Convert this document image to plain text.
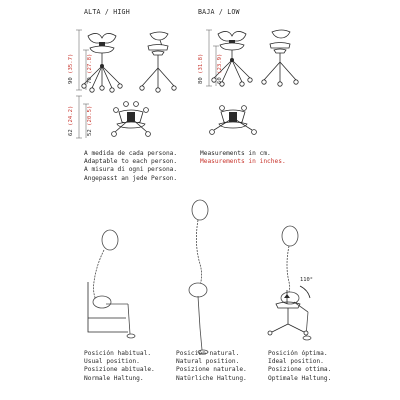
ALTA / HIGH	BAJA / LOW
90 (35.7)
70 (27.8)
62 (24.2)
52 (20.5)
80 (31.8)
60 (23.9)
A medida de cada persona.
Adaptable to each person.
A misura di ogni persona.
Angepasst an jede Person.
Measurements in cm.
Measurements in inches.
110°
Posición habitual.
Usual position.
Posizione abituale.
Normale Haltung.
Posición natural.
Natural position.
Posizione naturale.
Natürliche Haltung.
Posición óptima.
Ideal position.
Posizione ottima.
Optimale Haltung.
